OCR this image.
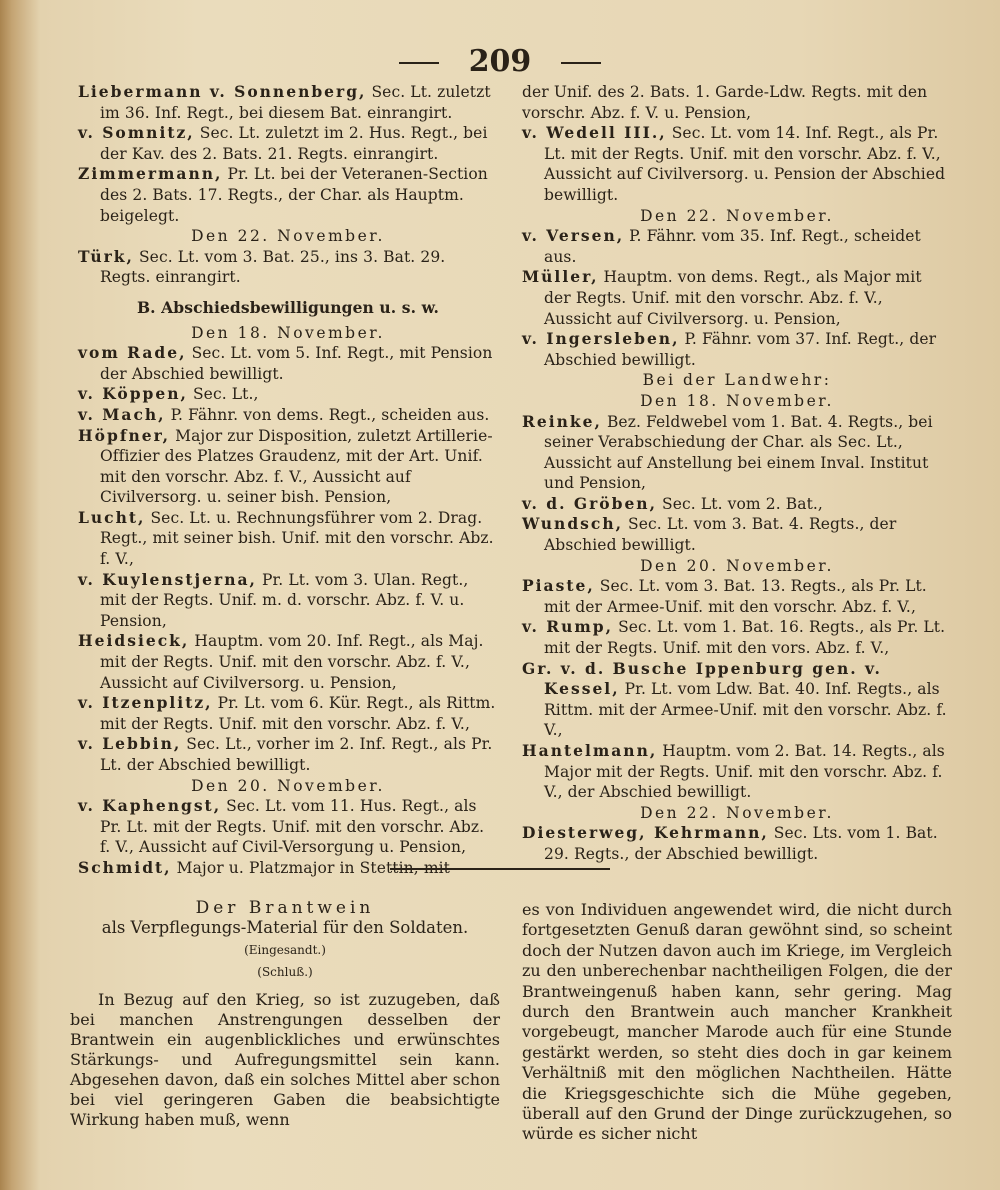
209

Liebermann v. Sonnenberg, Sec. Lt. zuletzt im 36. Inf. Regt., bei diesem Bat. einrangirt.

v. Somnitz, Sec. Lt. zuletzt im 2. Hus. Regt., bei der Kav. des 2. Bats. 21. Regts. einrangirt.

Zimmermann, Pr. Lt. bei der Veteranen-Section des 2. Bats. 17. Regts., der Char. als Hauptm. beigelegt.

Den 22. November.

Türk, Sec. Lt. vom 3. Bat. 25., ins 3. Bat. 29. Regts. einrangirt.

B. Abschiedsbewilligungen u. s. w.

Den 18. November.

vom Rade, Sec. Lt. vom 5. Inf. Regt., mit Pension der Abschied bewilligt.

v. Köppen, Sec. Lt.,

v. Mach, P. Fähnr. von dems. Regt., scheiden aus.

Höpfner, Major zur Disposition, zuletzt Artillerie-Offizier des Platzes Graudenz, mit der Art. Unif. mit den vorschr. Abz. f. V., Aussicht auf Civilversorg. u. seiner bish. Pension,

Lucht, Sec. Lt. u. Rechnungsführer vom 2. Drag. Regt., mit seiner bish. Unif. mit den vorschr. Abz. f. V.,

v. Kuylenstjerna, Pr. Lt. vom 3. Ulan. Regt., mit der Regts. Unif. m. d. vorschr. Abz. f. V. u. Pension,

Heidsieck, Hauptm. vom 20. Inf. Regt., als Maj. mit der Regts. Unif. mit den vorschr. Abz. f. V., Aussicht auf Civilversorg. u. Pension,

v. Itzenplitz, Pr. Lt. vom 6. Kür. Regt., als Rittm. mit der Regts. Unif. mit den vorschr. Abz. f. V.,

v. Lebbin, Sec. Lt., vorher im 2. Inf. Regt., als Pr. Lt. der Abschied bewilligt.

Den 20. November.

v. Kaphengst, Sec. Lt. vom 11. Hus. Regt., als Pr. Lt. mit der Regts. Unif. mit den vorschr. Abz. f. V., Aussicht auf Civil-Versorgung u. Pension,

Schmidt, Major u. Platzmajor in Stettin, mit

der Unif. des 2. Bats. 1. Garde-Ldw. Regts. mit den vorschr. Abz. f. V. u. Pension,

v. Wedell III., Sec. Lt. vom 14. Inf. Regt., als Pr. Lt. mit der Regts. Unif. mit den vorschr. Abz. f. V., Aussicht auf Civilversorg. u. Pension der Abschied bewilligt.

Den 22. November.

v. Versen, P. Fähnr. vom 35. Inf. Regt., scheidet aus.

Müller, Hauptm. von dems. Regt., als Major mit der Regts. Unif. mit den vorschr. Abz. f. V., Aussicht auf Civilversorg. u. Pension,

v. Ingersleben, P. Fähnr. vom 37. Inf. Regt., der Abschied bewilligt.

Bei der Landwehr:

Den 18. November.

Reinke, Bez. Feldwebel vom 1. Bat. 4. Regts., bei seiner Verabschiedung der Char. als Sec. Lt., Aussicht auf Anstellung bei einem Inval. Institut und Pension,

v. d. Gröben, Sec. Lt. vom 2. Bat.,

Wundsch, Sec. Lt. vom 3. Bat. 4. Regts., der Abschied bewilligt.

Den 20. November.

Piaste, Sec. Lt. vom 3. Bat. 13. Regts., als Pr. Lt. mit der Armee-Unif. mit den vorschr. Abz. f. V.,

v. Rump, Sec. Lt. vom 1. Bat. 16. Regts., als Pr. Lt. mit der Regts. Unif. mit den vors. Abz. f. V.,

Gr. v. d. Busche Ippenburg gen. v. Kessel, Pr. Lt. vom Ldw. Bat. 40. Inf. Regts., als Rittm. mit der Armee-Unif. mit den vorschr. Abz. f. V.,

Hantelmann, Hauptm. vom 2. Bat. 14. Regts., als Major mit der Regts. Unif. mit den vorschr. Abz. f. V., der Abschied bewilligt.

Den 22. November.

Diesterweg, Kehrmann, Sec. Lts. vom 1. Bat. 29. Regts., der Abschied bewilligt.

Der Brantwein

als Verpflegungs-Material für den Soldaten.

(Eingesandt.)

(Schluß.)

In Bezug auf den Krieg, so ist zuzugeben, daß bei manchen Anstrengungen desselben der Brantwein ein augenblickliches und erwünschtes Stärkungs- und Aufregungsmittel sein kann. Abgesehen davon, daß ein solches Mittel aber schon bei viel geringeren Gaben die beabsichtigte Wirkung haben muß, wenn

es von Individuen angewendet wird, die nicht durch fortgesetzten Genuß daran gewöhnt sind, so scheint doch der Nutzen davon auch im Kriege, im Vergleich zu den unberechenbar nachtheiligen Folgen, die der Brantweingenuß haben kann, sehr gering. Mag durch den Brantwein auch mancher Krankheit vorgebeugt, mancher Marode auch für eine Stunde gestärkt werden, so steht dies doch in gar keinem Verhältniß mit den möglichen Nachtheilen. Hätte die Kriegsgeschichte sich die Mühe gegeben, überall auf den Grund der Dinge zurückzugehen, so würde es sicher nicht
